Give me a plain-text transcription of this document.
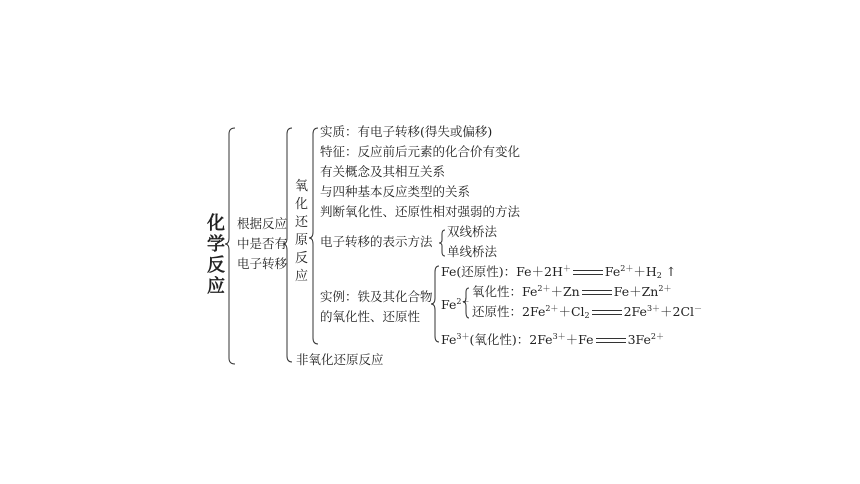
化学反应
根据反应
中是否有
电子转移
氧化还原反应
实质：有电子转移(得失或偏移)
特征：反应前后元素的化合价有变化
有关概念及其相互关系
与四种基本反应类型的关系
判断氧化性、还原性相对强弱的方法
电子转移的表示方法
双线桥法
单线桥法
实例：铁及其化合物
的氧化性、还原性
Fe(还原性)：Fe＋2H＋	$Fe^{2+}+H_2$ ↑
$Fe^{2+}$
氧化性：$Fe^{2+}+Zn$	$Fe+Zn^{2+}$
还原性：$2Fe^{2+}+Cl_2$	$2Fe^{3+}+2Cl^-$
$Fe^{3+}$(氧化性)：$2Fe^{3+}+Fe$	$3Fe^{2+}$
非氧化还原反应
